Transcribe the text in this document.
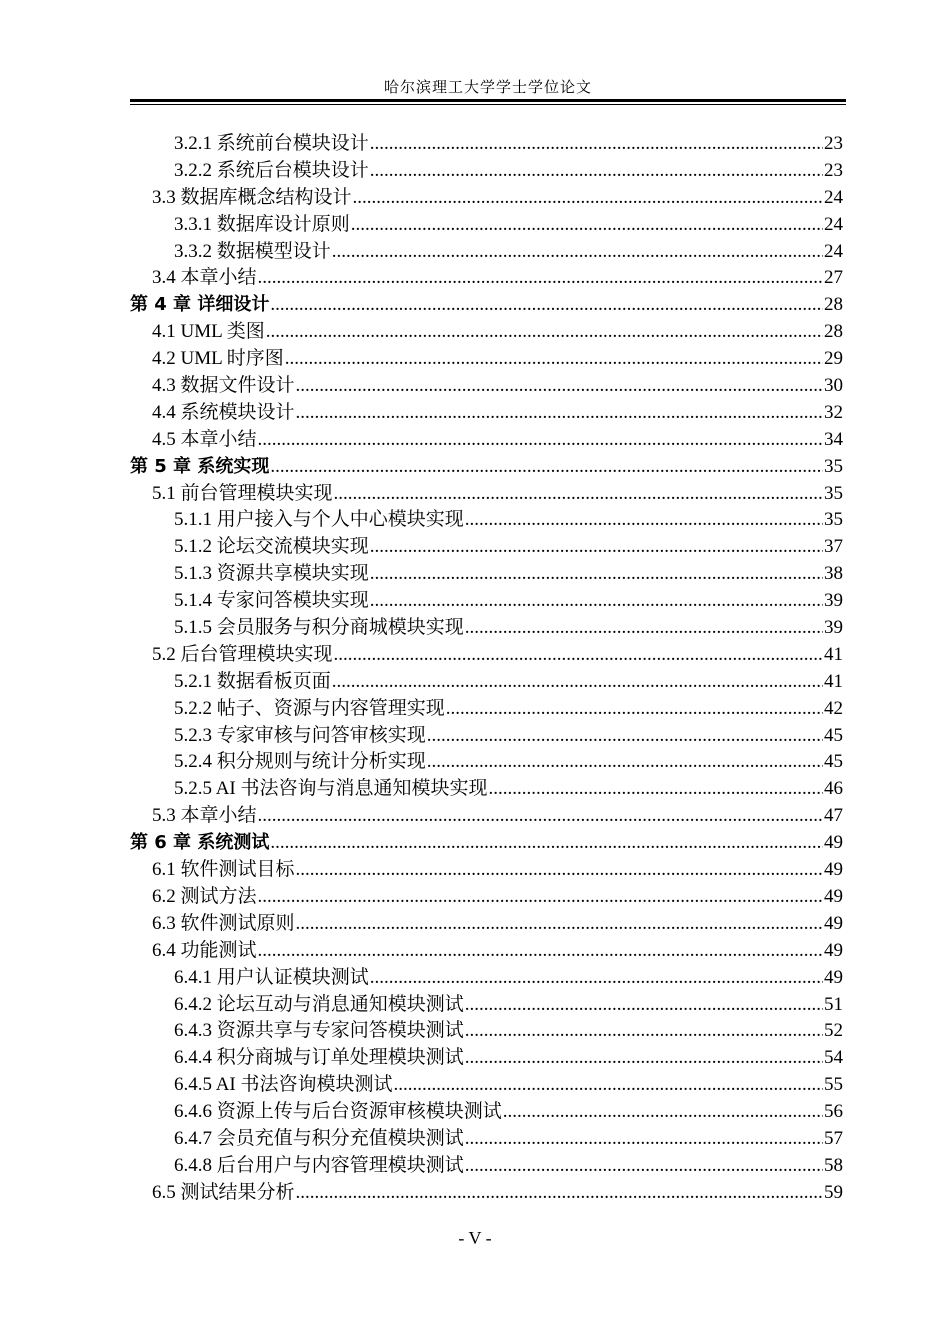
哈尔滨理工大学学士学位论文
3.2.1 系统前台模块设计 .....	23
3.2.2 系统后台模块设计 .....	23
3.3 数据库概念结构设计 .....	24
3.3.1 数据库设计原则 .....	24
3.3.2 数据模型设计 .....	24
3.4 本章小结 .....	27
第 4 章 详细设计 .....	28
4.1 UML 类图 .....	28
4.2 UML 时序图 .....	29
4.3 数据文件设计 .....	30
4.4 系统模块设计 .....	32
4.5 本章小结 .....	34
第 5 章 系统实现 .....	35
5.1 前台管理模块实现 .....	35
5.1.1 用户接入与个人中心模块实现 .....	35
5.1.2 论坛交流模块实现 .....	37
5.1.3 资源共享模块实现 .....	38
5.1.4 专家问答模块实现 .....	39
5.1.5 会员服务与积分商城模块实现 .....	39
5.2 后台管理模块实现 .....	41
5.2.1 数据看板页面 .....	41
5.2.2 帖子、资源与内容管理实现 .....	42
5.2.3 专家审核与问答审核实现 .....	45
5.2.4 积分规则与统计分析实现 .....	45
5.2.5 AI 书法咨询与消息通知模块实现 .....	46
5.3 本章小结 .....	47
第 6 章 系统测试 .....	49
6.1 软件测试目标 .....	49
6.2 测试方法 .....	49
6.3 软件测试原则 .....	49
6.4 功能测试 .....	49
6.4.1 用户认证模块测试 .....	49
6.4.2 论坛互动与消息通知模块测试 .....	51
6.4.3 资源共享与专家问答模块测试 .....	52
6.4.4 积分商城与订单处理模块测试 .....	54
6.4.5 AI 书法咨询模块测试 .....	55
6.4.6 资源上传与后台资源审核模块测试 .....	56
6.4.7 会员充值与积分充值模块测试 .....	57
6.4.8 后台用户与内容管理模块测试 .....	58
6.5 测试结果分析 .....	59
- V -
